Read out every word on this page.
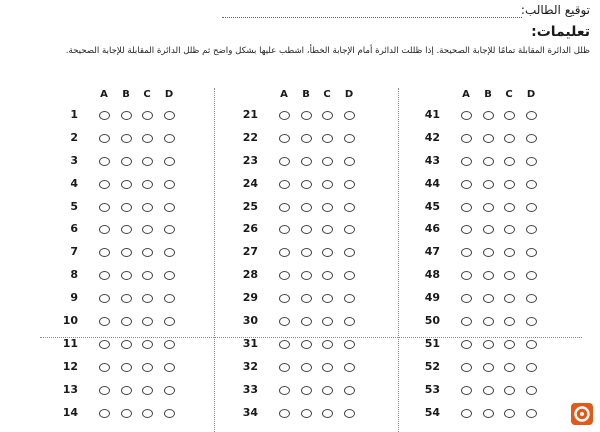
توقيع الطالب:
تعليمات:
ظلل الدائرة المقابلة تمامًا للإجابة الصحيحة. إذا ظللت الدائرة أمام الإجابة الخطأ، اشطب عليها بشكل واضح ثم ظلل الدائرة المقابلة للإجابة الصحيحة.
A	B	C	D
1
2
3
4
5
6
7
8
9
10
11
12
13
14
A	B	C	D
21
22
23
24
25
26
27
28
29
30
31
32
33
34
A	B	C	D
41
42
43
44
45
46
47
48
49
50
51
52
53
54
